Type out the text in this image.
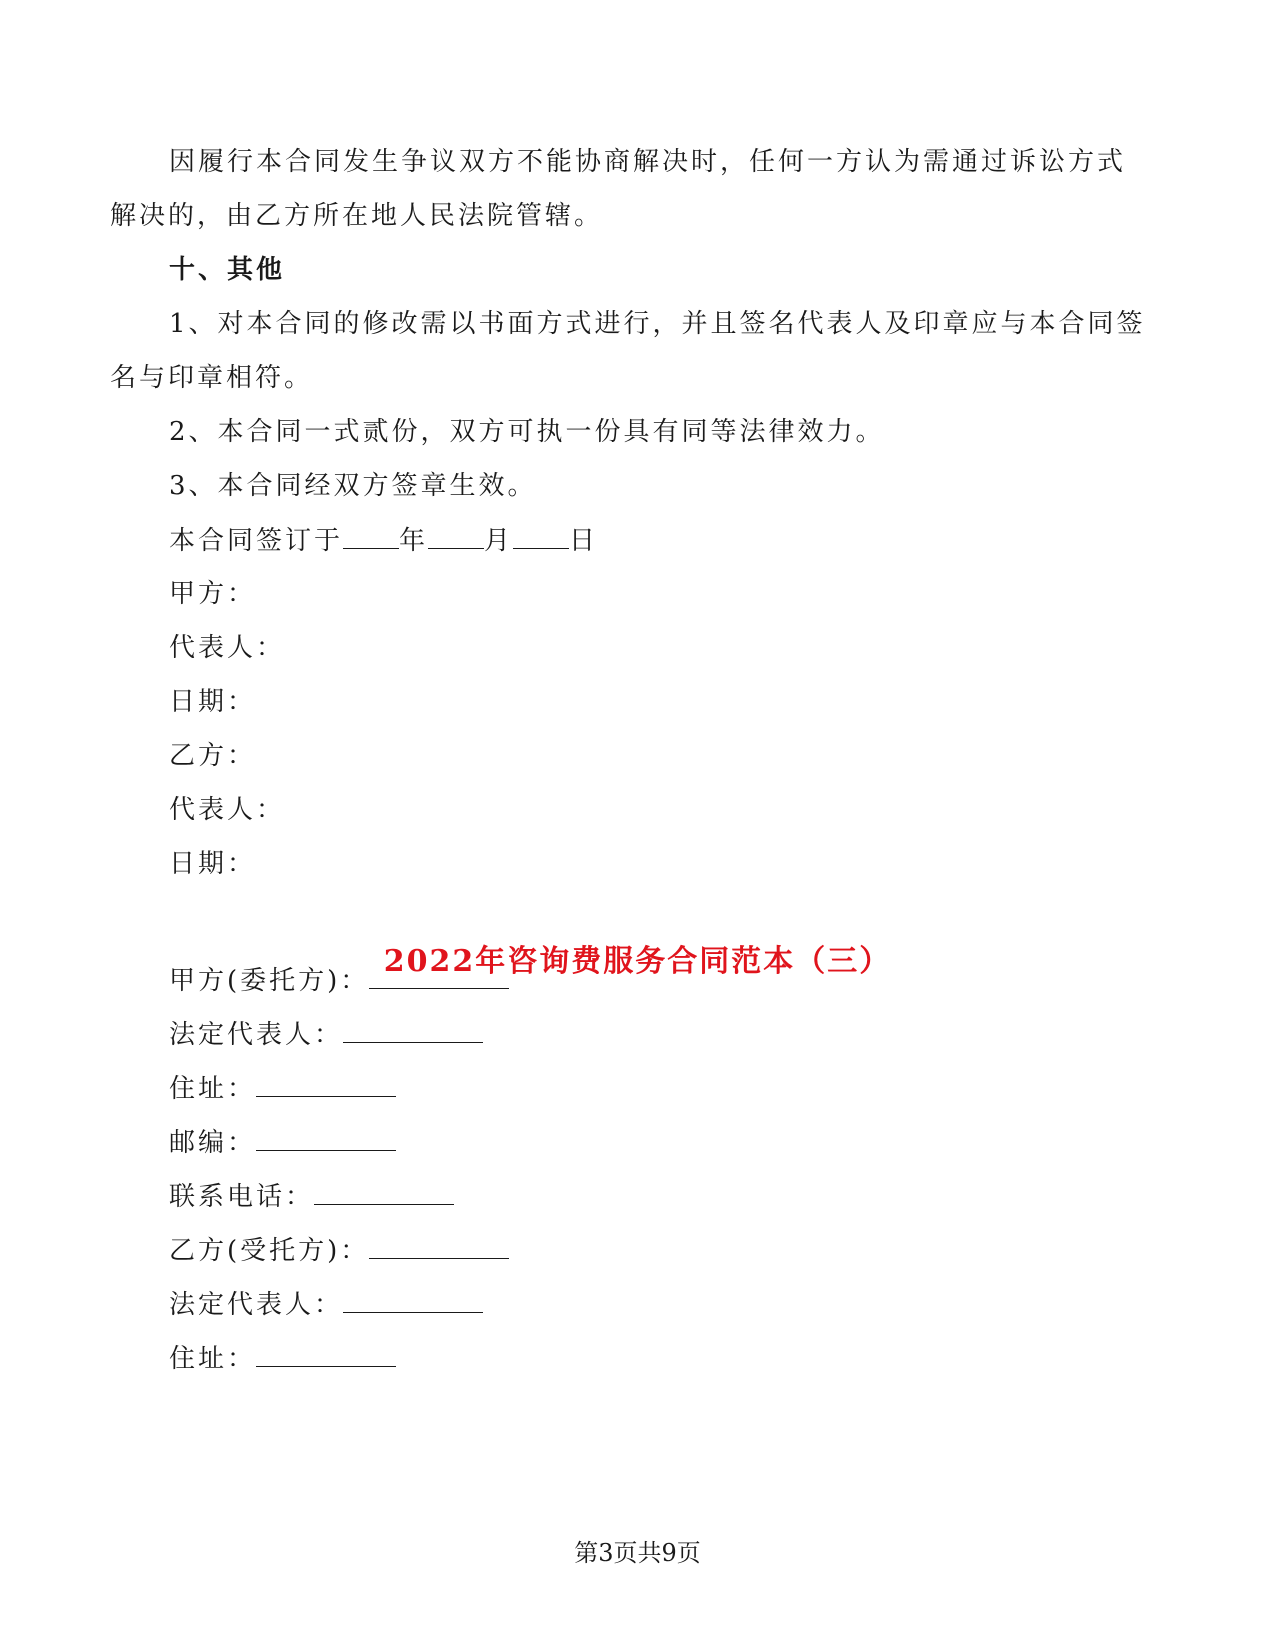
因履行本合同发生争议双方不能协商解决时，任何一方认为需通过诉讼方式
解决的，由乙方所在地人民法院管辖。
十、其他
1、对本合同的修改需以书面方式进行，并且签名代表人及印章应与本合同签
名与印章相符。
2、本合同一式贰份，双方可执一份具有同等法律效力。
3、本合同经双方签章生效。
本合同签订于 年 月 日
甲方：
代表人：
日期：
乙方：
代表人：
日期：
2022年咨询费服务合同范本（三）
甲方(委托方)：
法定代表人：
住址：
邮编：
联系电话：
乙方(受托方)：
法定代表人：
住址：
第3页共9页
